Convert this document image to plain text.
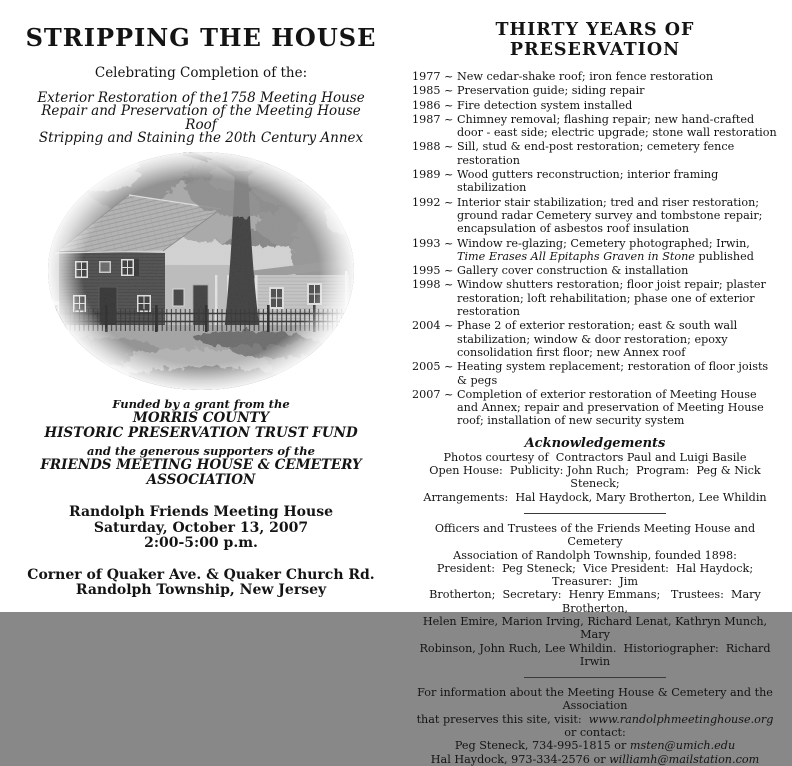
STRIPPING THE HOUSE
Celebrating Completion of the:
Exterior Restoration of the1758 Meeting House
Repair and Preservation of the Meeting House Roof
Stripping and Staining the 20th Century Annex
Funded by a grant from the
MORRIS COUNTY
HISTORIC PRESERVATION TRUST FUND
and the generous supporters of the
FRIENDS MEETING HOUSE & CEMETERY ASSOCIATION
Randolph Friends Meeting House
Saturday, October 13, 2007
2:00-5:00 p.m.
Corner of Quaker Ave. & Quaker Church Rd.
Randolph Township, New Jersey
THIRTY YEARS OF PRESERVATION
1977 ~ New cedar-shake roof; iron fence restoration
1985 ~ Preservation guide; siding repair
1986 ~ Fire detection system installed
1987 ~ Chimney removal; flashing repair; new hand-crafted door - east side; electric upgrade; stone wall restoration
1988 ~ Sill, stud & end-post restoration; cemetery fence restoration
1989 ~ Wood gutters reconstruction; interior framing stabilization
1992 ~ Interior stair stabilization; tred and riser restoration; ground radar Cemetery survey and tombstone repair; encapsulation of asbestos roof insulation
1993 ~ Window re-glazing; Cemetery photographed; Irwin, Time Erases All Epitaphs Graven in Stone published
1995 ~ Gallery cover construction & installation
1998 ~ Window shutters restoration; floor joist repair; plaster restoration; loft rehabilitation; phase one of exterior restoration
2004 ~ Phase 2 of exterior restoration; east & south wall stabilization; window & door restoration; epoxy consolidation first floor; new Annex roof
2005 ~ Heating system replacement; restoration of floor joists & pegs
2007 ~ Completion of exterior restoration of Meeting House and Annex; repair and preservation of Meeting House roof; installation of new security system
Acknowledgements
Photos courtesy of  Contractors Paul and Luigi Basile
Open House:  Publicity: John Ruch;  Program:  Peg & Nick Steneck;
Arrangements:  Hal Haydock, Mary Brotherton, Lee Whildin
Officers and Trustees of the Friends Meeting House and Cemetery
Association of Randolph Township, founded 1898:
President:  Peg Steneck;  Vice President:  Hal Haydock;   Treasurer:  Jim
Brotherton;  Secretary:  Henry Emmans;   Trustees:  Mary Brotherton,
Helen Emire, Marion Irving, Richard Lenat, Kathryn Munch, Mary
Robinson, John Ruch, Lee Whildin.  Historiographer:  Richard Irwin
For information about the Meeting House & Cemetery and the Association
that preserves this site, visit:  www.randolphmeetinghouse.org  or contact:
Peg Steneck, 734-995-1815 or msten@umich.edu
Hal Haydock, 973-334-2576 or williamh@mailstation.com
